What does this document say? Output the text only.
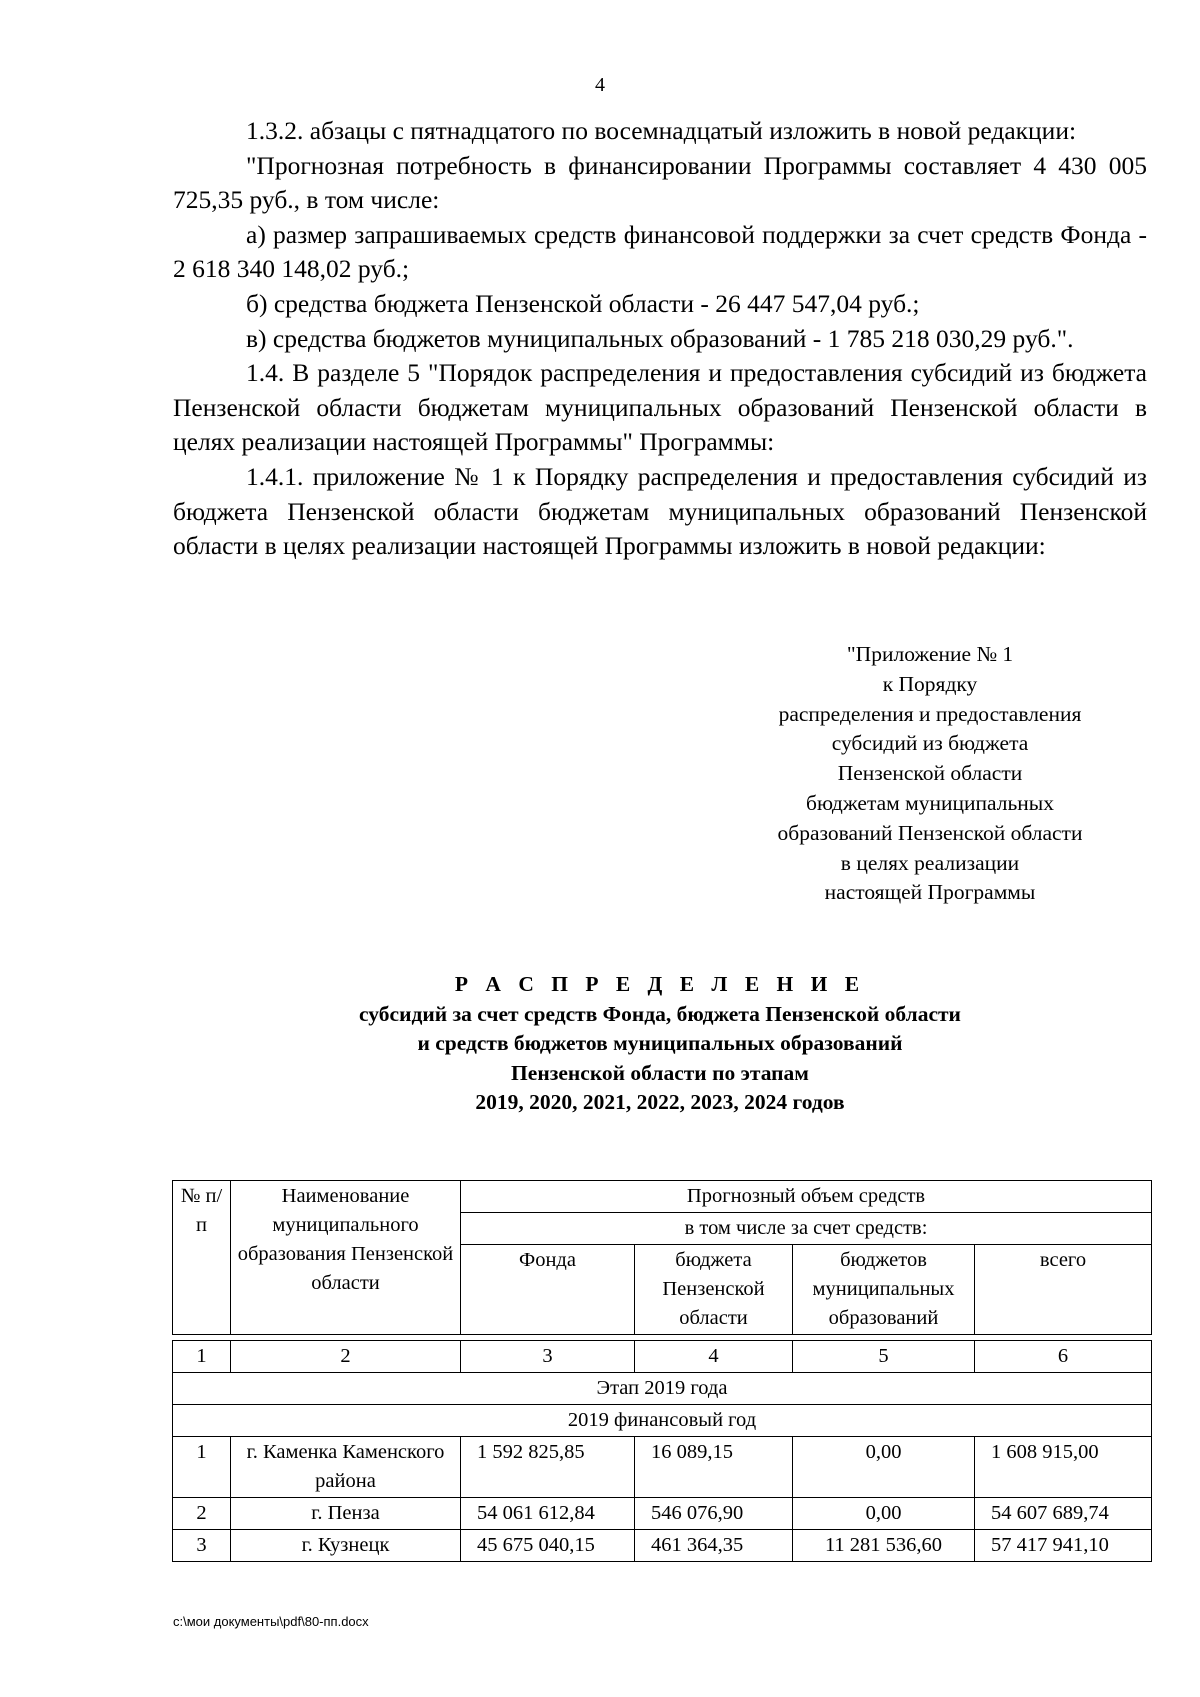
4

1.3.2. абзацы с пятнадцатого по восемнадцатый изложить в новой редакции:

"Прогнозная потребность в финансировании Программы составляет 4 430 005 725,35 руб., в том числе:

а) размер запрашиваемых средств финансовой поддержки за счет средств Фонда - 2 618 340 148,02 руб.;

б) средства бюджета Пензенской области - 26 447 547,04 руб.;

в) средства бюджетов муниципальных образований - 1 785 218 030,29 руб.".

1.4. В разделе 5 "Порядок распределения и предоставления субсидий из бюджета Пензенской области бюджетам муниципальных образований Пензенской области в целях реализации настоящей Программы" Программы:

1.4.1. приложение № 1 к Порядку распределения и предоставления субсидий из бюджета Пензенской области бюджетам муниципальных образований Пензенской области в целях реализации настоящей Программы изложить в новой редакции:

"Приложение № 1
к Порядку
распределения и предоставления
субсидий из бюджета
Пензенской области
бюджетам муниципальных
образований Пензенской области
в целях реализации
настоящей Программы
Р А С П Р Е Д Е Л Е Н И Е
субсидий за счет средств Фонда, бюджета Пензенской области
и средств бюджетов муниципальных образований
Пензенской области по этапам
2019, 2020, 2021, 2022, 2023, 2024 годов
№ п/п	Наименование муниципального образования Пензенской области	Прогнозный объем средств			
		в том числе за счет средств:			
		Фонда	бюджета Пензенской области	бюджетов муниципальных образований	всего

1	2	3	4	5	6
Этап 2019 года					
2019 финансовый год					
1	г. Каменка Каменского района	1 592 825,85	16 089,15	0,00	1 608 915,00
2	г. Пенза	54 061 612,84	546 076,90	0,00	54 607 689,74
3	г. Кузнецк	45 675 040,15	461 364,35	11 281 536,60	57 417 941,10
c:\мои документы\pdf\80-пп.docx
